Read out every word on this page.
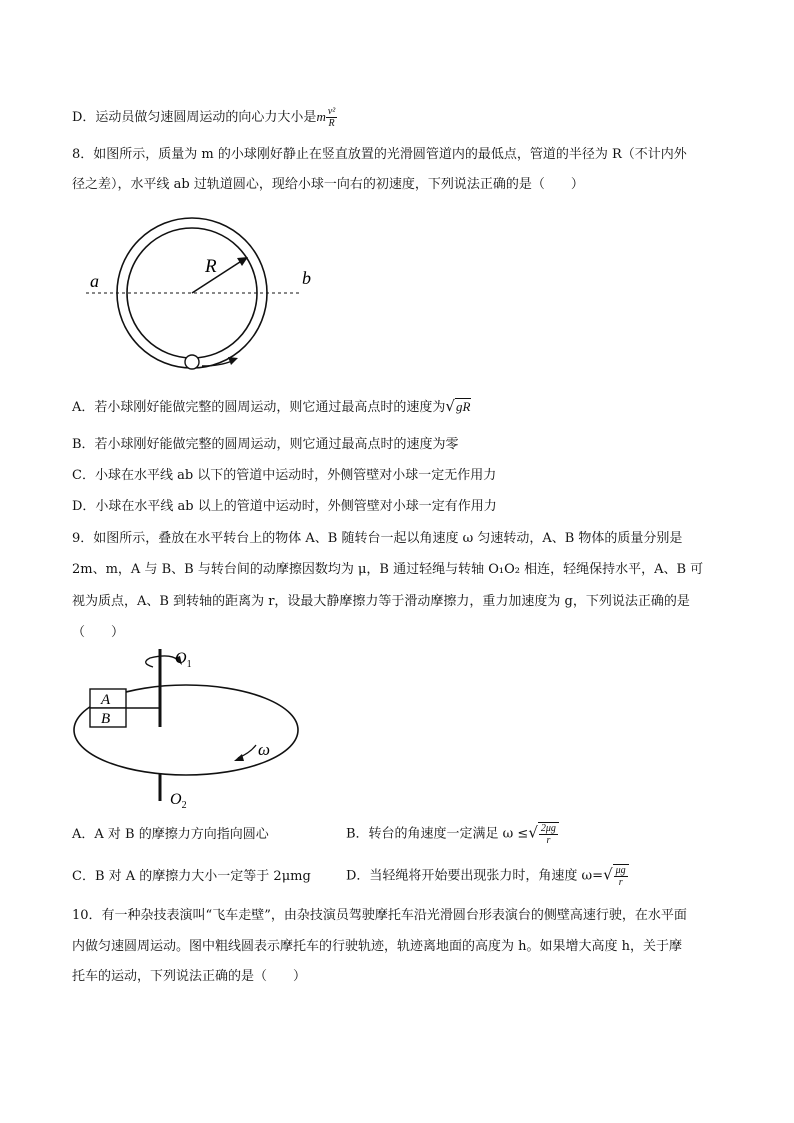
D．运动员做匀速圆周运动的向心力大小是m $\frac{\text{v²}}{R}$
8．如图所示，质量为 m 的小球刚好静止在竖直放置的光滑圆管道内的最低点，管道的半径为 R（不计内外
径之差），水平线 ab 过轨道圆心，现给小球一向右的初速度，下列说法正确的是（　　）
a	b
R
A．若小球刚好能做完整的圆周运动，则它通过最高点时的速度为√gR
B．若小球刚好能做完整的圆周运动，则它通过最高点时的速度为零
C．小球在水平线 ab 以下的管道中运动时，外侧管壁对小球一定无作用力
D．小球在水平线 ab 以上的管道中运动时，外侧管壁对小球一定有作用力
9．如图所示，叠放在水平转台上的物体 A、B 随转台一起以角速度 ω 匀速转动，A、B 物体的质量分别是
2m、m，A 与 B、B 与转台间的动摩擦因数均为 μ，B 通过轻绳与转轴 O₁O₂ 相连，轻绳保持水平，A、B 可
视为质点，A、B 到转轴的距离为 r，设最大静摩擦力等于滑动摩擦力，重力加速度为 g，下列说法正确的是
（　　）
A
B
$O_1$
$O_2$
ω
A．A 对 B 的摩擦力方向指向圆心	B．转台的角速度一定满足 ω ≤√ $\frac{2\mu g}{r}$
C．B 对 A 的摩擦力大小一定等于 2μmg	D．当轻绳将开始要出现张力时，角速度 $\omega=√ \frac{\mu g}{r}$
10．有一种杂技表演叫“飞车走壁”，由杂技演员驾驶摩托车沿光滑圆台形表演台的侧壁高速行驶，在水平面
内做匀速圆周运动。图中粗线圆表示摩托车的行驶轨迹，轨迹离地面的高度为 h。如果增大高度 h，关于摩
托车的运动，下列说法正确的是（　　）
